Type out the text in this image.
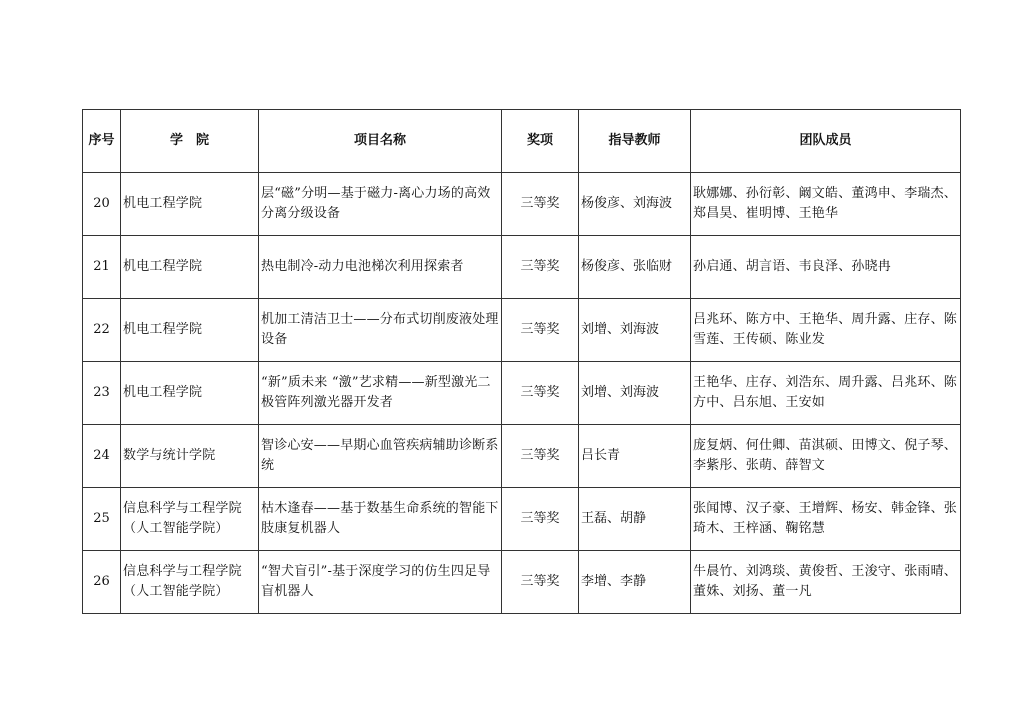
序号	学　院	项目名称	奖项	指导教师	团队成员
20	机电工程学院	层“磁”分明—基于磁力-离心力场的高效分离分级设备	三等奖	杨俊彦、刘海波	耿娜娜、孙衍彰、阚文皓、董鸿申、李瑞杰、郑昌昊、崔明博、王艳华

21	机电工程学院	热电制冷-动力电池梯次利用探索者	三等奖	杨俊彦、张临财	孙启通、胡言语、韦良泽、孙晓冉

22	机电工程学院	机加工清洁卫士——分布式切削废液处理设备	三等奖	刘增、刘海波	吕兆环、陈方中、王艳华、周升露、庄存、陈雪莲、王传硕、陈业发

23	机电工程学院	“新”质未来 “激”艺求精——新型激光二极管阵列激光器开发者	三等奖	刘增、刘海波	王艳华、庄存、刘浩东、周升露、吕兆环、陈方中、吕东旭、王安如

24	数学与统计学院	智诊心安——早期心血管疾病辅助诊断系统	三等奖	吕长青	庞复炳、何仕卿、苗淇硕、田博文、倪子琴、李紫彤、张萌、薛智文

25	信息科学与工程学院（人工智能学院）	枯木逢春——基于数基生命系统的智能下肢康复机器人	三等奖	王磊、胡静	张闻博、汉子豪、王增辉、杨安、韩金锋、张琦木、王梓涵、鞠铭慧

26	信息科学与工程学院（人工智能学院）	“智犬盲引”-基于深度学习的仿生四足导盲机器人	三等奖	李增、李静	牛晨竹、刘鸿琰、黄俊哲、王浚守、张雨晴、董姝、刘扬、董一凡
